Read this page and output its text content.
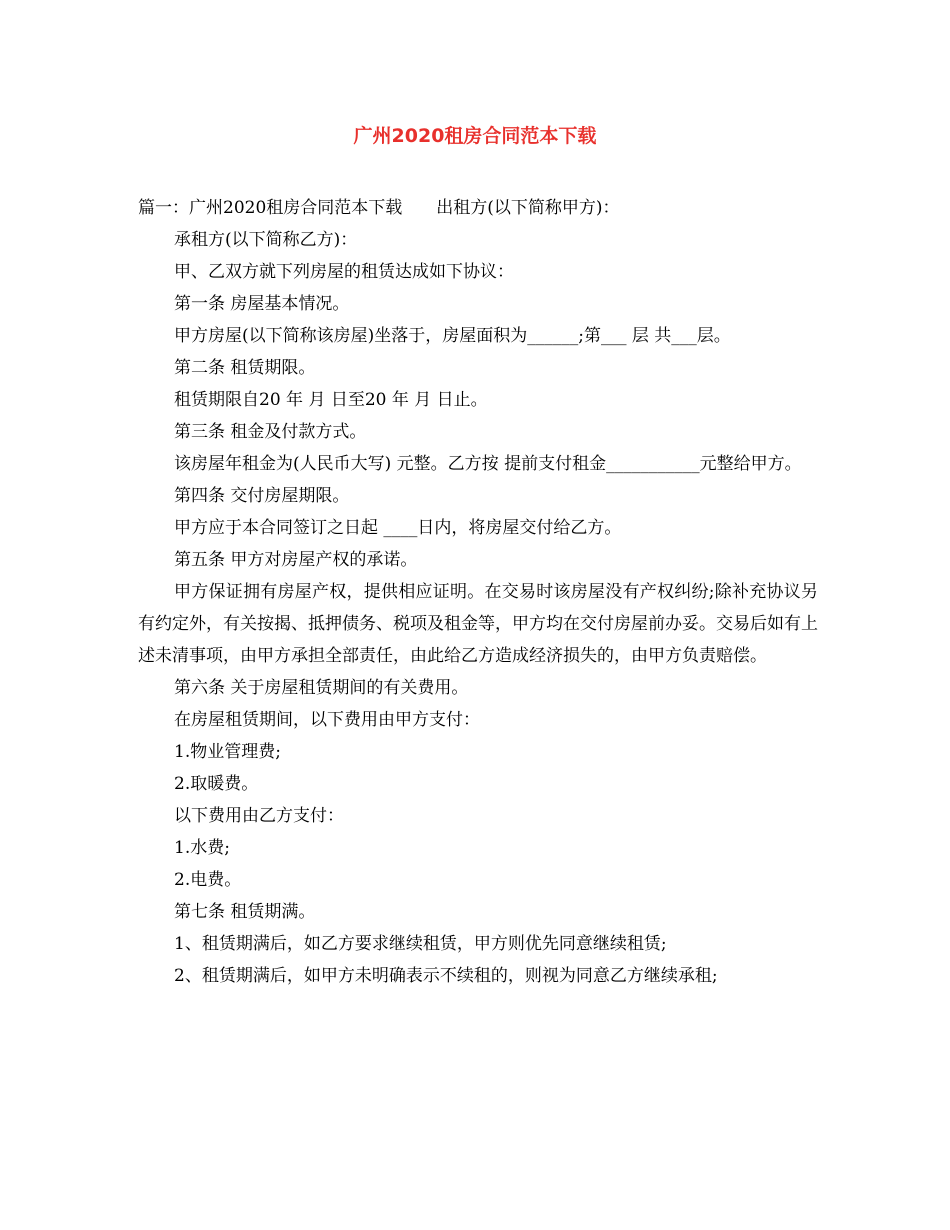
广州2020租房合同范本下载

篇一：广州2020租房合同范本下载　　出租方(以下简称甲方)：

承租方(以下简称乙方)：

甲、乙双方就下列房屋的租赁达成如下协议：

第一条 房屋基本情况。

甲方房屋(以下简称该房屋)坐落于，房屋面积为______;第___ 层 共___层。

第二条 租赁期限。

租赁期限自20 年 月 日至20 年 月 日止。

第三条 租金及付款方式。

该房屋年租金为(人民币大写) 元整。乙方按 提前支付租金___________元整给甲方。

第四条 交付房屋期限。

甲方应于本合同签订之日起 ____日内，将房屋交付给乙方。

第五条 甲方对房屋产权的承诺。

甲方保证拥有房屋产权，提供相应证明。在交易时该房屋没有产权纠纷;除补充协议另有约定外，有关按揭、抵押债务、税项及租金等，甲方均在交付房屋前办妥。交易后如有上述未清事项，由甲方承担全部责任，由此给乙方造成经济损失的，由甲方负责赔偿。

第六条 关于房屋租赁期间的有关费用。

在房屋租赁期间，以下费用由甲方支付：

1.物业管理费;

2.取暖费。

以下费用由乙方支付：

1.水费;

2.电费。

第七条 租赁期满。

1、租赁期满后，如乙方要求继续租赁，甲方则优先同意继续租赁;

2、租赁期满后，如甲方未明确表示不续租的，则视为同意乙方继续承租;
